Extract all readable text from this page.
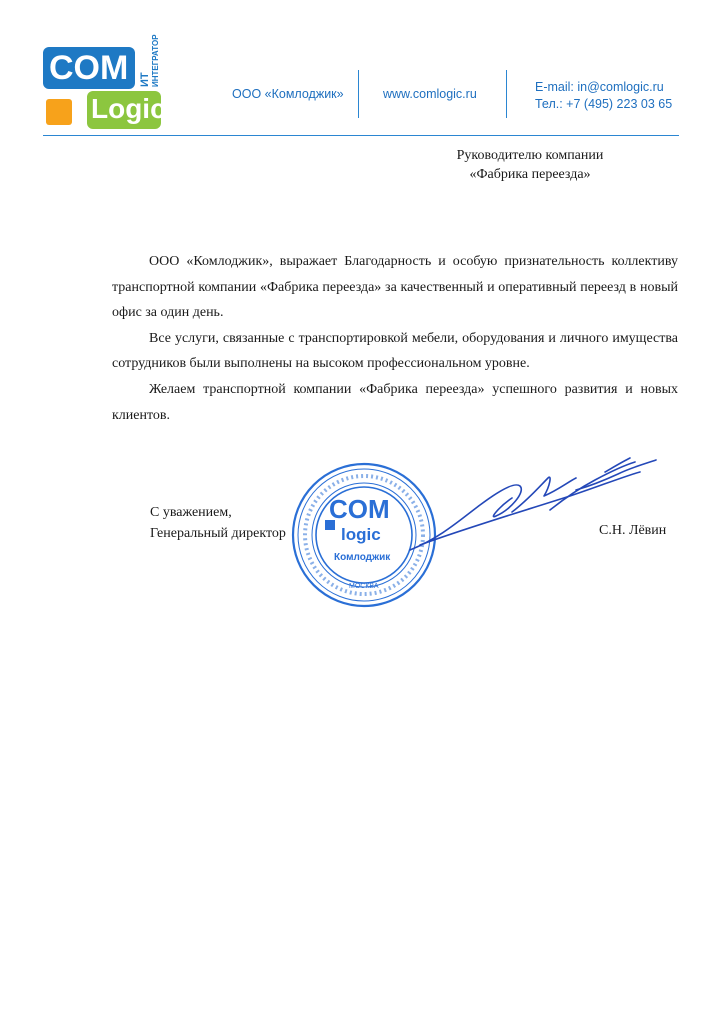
COM ИТ ИНТЕГРАТОР
Logic	ООО «Комлоджик»	www.comlogic.ru	E-mail: in@comlogic.ru
Тел.: +7 (495) 223 03 65
Руководителю компании
«Фабрика переезда»

ООО «Комлоджик», выражает Благодарность и особую признательность коллективу транспортной компании «Фабрика переезда» за качественный и оперативный переезд в новый офис за один день.

Все услуги, связанные с транспортировкой мебели, оборудования и личного имущества сотрудников были выполнены на высоком профессиональном уровне.

Желаем транспортной компании «Фабрика переезда» успешного развития и новых клиентов.

С уважением,
Генеральный директор	С.Н. Лёвин
COM
logic
Комлоджик
МОСКВА
